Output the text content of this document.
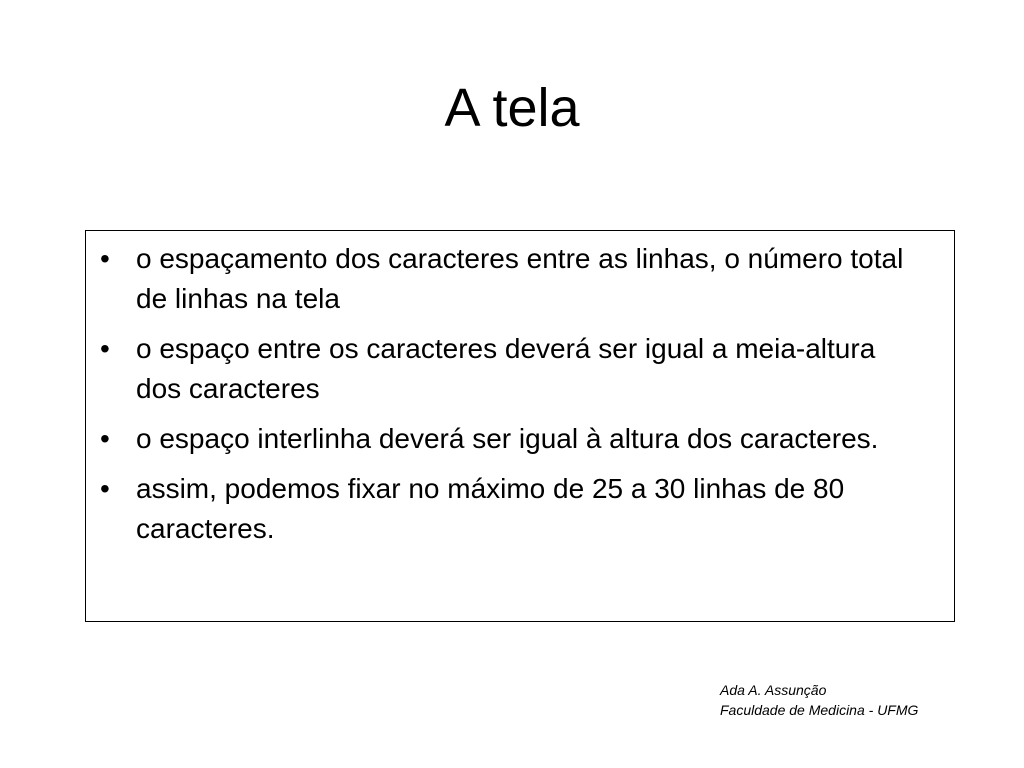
A tela
• o espaçamento dos caracteres entre as linhas, o número total de linhas na tela
• o espaço entre os caracteres deverá ser igual a meia-altura dos caracteres
• o espaço interlinha deverá ser igual à altura dos caracteres.
• assim, podemos fixar no máximo de 25 a 30 linhas de 80 caracteres.
Ada A. Assunção
Faculdade de Medicina - UFMG
